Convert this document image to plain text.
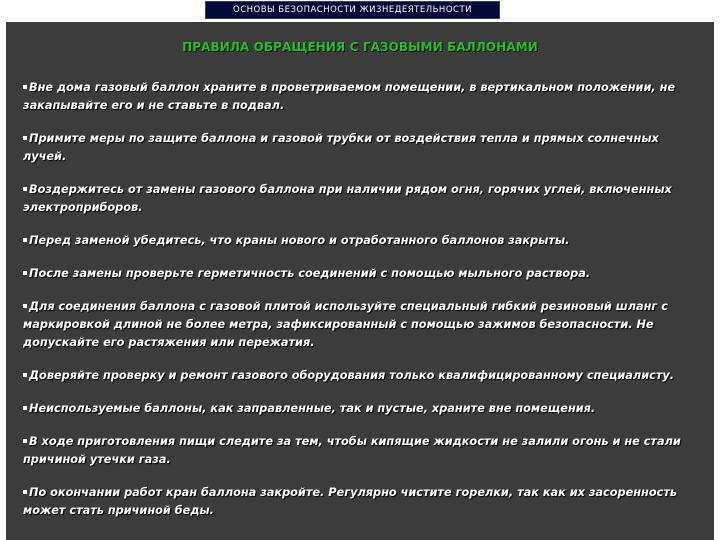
ОСНОВЫ БЕЗОПАСНОСТИ ЖИЗНЕДЕЯТЕЛЬНОСТИ
ПРАВИЛА ОБРАЩЕНИЯ С ГАЗОВЫМИ БАЛЛОНАМИ
Вне дома газовый баллон храните в проветриваемом помещении, в вертикальном положении, не закапывайте его и не ставьте в подвал.
Примите меры по защите баллона и газовой трубки от воздействия тепла и прямых солнечных лучей.
Воздержитесь от замены газового баллона при наличии рядом огня, горячих углей, включенных электроприборов.
Перед заменой убедитесь, что краны нового и отработанного баллонов закрыты.
После замены проверьте герметичность соединений с помощью мыльного раствора.
Для соединения баллона с газовой плитой используйте специальный гибкий резиновый шланг с маркировкой длиной не более метра, зафиксированный с помощью зажимов безопасности. Не допускайте его растяжения или пережатия.
Доверяйте проверку и ремонт газового оборудования только квалифицированному специалисту.
Неиспользуемые баллоны, как заправленные, так и пустые, храните вне помещения.
В ходе приготовления пищи следите за тем, чтобы кипящие жидкости не залили огонь и не стали причиной утечки газа.
По окончании работ кран баллона закройте. Регулярно чистите горелки, так как их засоренность может стать причиной беды.
